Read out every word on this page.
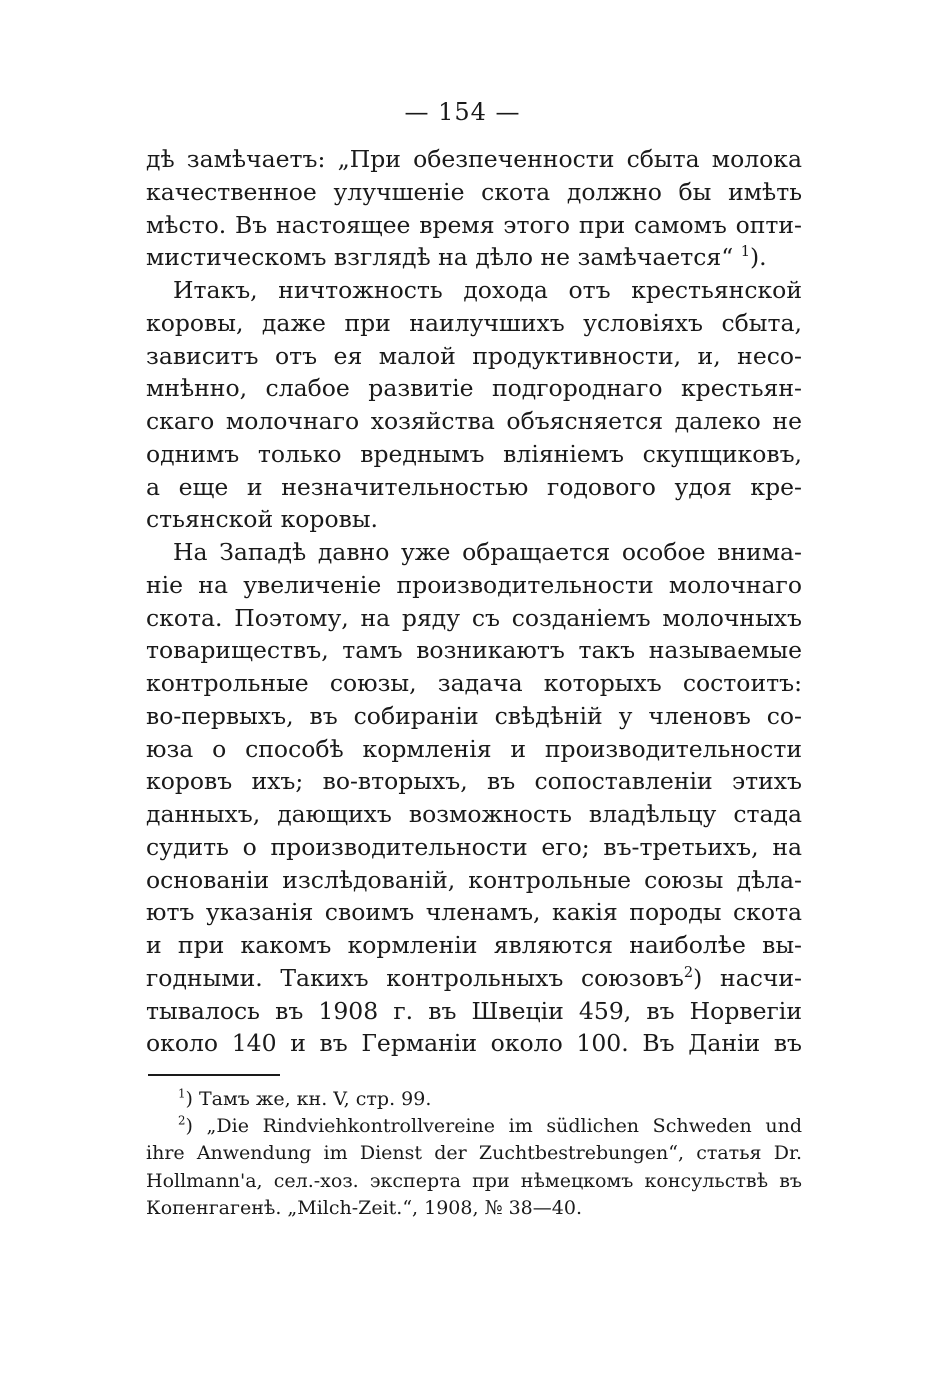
— 154 —
дѣ замѣчаетъ: „При обезпеченности сбыта молока
качественное улучшеніе скота должно бы имѣть
мѣсто. Въ настоящее время этого при самомъ опти-
мистическомъ взглядѣ на дѣло не замѣчается“ $^1$).
Итакъ, ничтожность дохода отъ крестьянской
коровы, даже при наилучшихъ условіяхъ сбыта,
зависитъ отъ ея малой продуктивности, и, несо-
мнѣнно, слабое развитіе подгороднаго крестьян-
скаго молочнаго хозяйства объясняется далеко не
однимъ только вреднымъ вліяніемъ скупщиковъ,
а еще и незначительностью годового удоя кре-
стьянской коровы.
На Западѣ давно уже обращается особое внима-
ніе на увеличеніе производительности молочнаго
скота. Поэтому, на ряду съ созданіемъ молочныхъ
товариществъ, тамъ возникаютъ такъ называемые
контрольные союзы, задача которыхъ состоитъ:
во-первыхъ, въ собираніи свѣдѣній у членовъ со-
юза о способѣ кормленія и производительности
коровъ ихъ; во-вторыхъ, въ сопоставленіи этихъ
данныхъ, дающихъ возможность владѣльцу стада
судить о производительности его; въ-третьихъ, на
основаніи изслѣдованій, контрольные союзы дѣла-
ютъ указанія своимъ членамъ, какія породы скота
и при какомъ кормленіи являются наиболѣе вы-
годными. Такихъ контрольныхъ союзовъ$^2$) насчи-
тывалось въ 1908 г. въ Швеціи 459, въ Норвегіи
около 140 и въ Германіи около 100. Въ Даніи въ
$^1$) Тамъ же, кн. V, стр. 99.
$^2$) „Die Rindviehkontrollvereine im südlichen Schweden und
ihre Anwendung im Dienst der Zuchtbestrebungen“, статья Dr.
Hollmann'a, сел.-хоз. эксперта при нѣмецкомъ консульствѣ въ
Копенгагенѣ. „Milch-Zeit.“, 1908, № 38—40.
